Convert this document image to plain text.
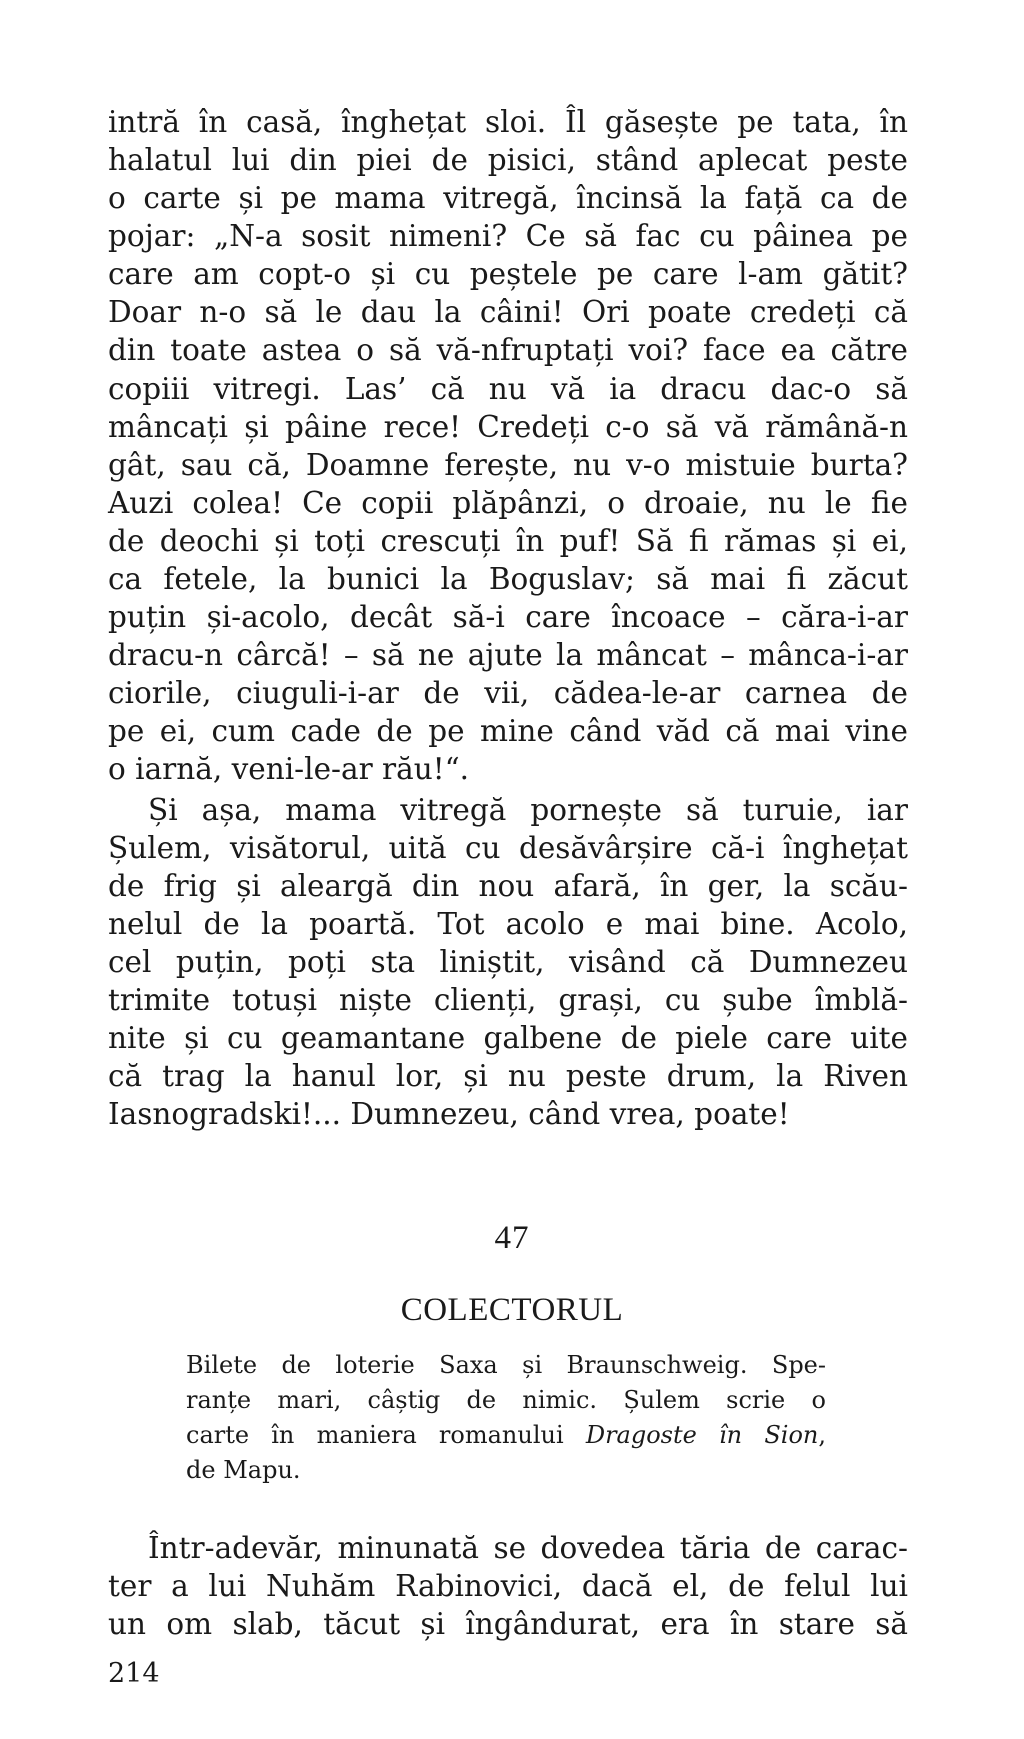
intră în casă, înghețat sloi. Îl găsește pe tata, în
halatul lui din piei de pisici, stând aplecat peste
o carte și pe mama vitregă, încinsă la față ca de
pojar: „N-a sosit nimeni? Ce să fac cu pâinea pe
care am copt-o și cu peștele pe care l-am gătit?
Doar n-o să le dau la câini! Ori poate credeți că
din toate astea o să vă-nfruptați voi? face ea către
copiii vitregi. Las’ că nu vă ia dracu dac-o să
mâncați și pâine rece! Credeți c-o să vă rămână-n
gât, sau că, Doamne ferește, nu v-o mistuie burta?
Auzi colea! Ce copii plăpânzi, o droaie, nu le fie
de deochi și toți crescuți în puf! Să fi rămas și ei,
ca fetele, la bunici la Boguslav; să mai fi zăcut
puțin și-acolo, decât să-i care încoace – căra-i-ar
dracu-n cârcă! – să ne ajute la mâncat – mânca-i-ar
ciorile, ciuguli-i-ar de vii, cădea-le-ar carnea de
pe ei, cum cade de pe mine când văd că mai vine
o iarnă, veni-le-ar rău!“.
Și așa, mama vitregă pornește să turuie, iar
Șulem, visătorul, uită cu desăvârșire că-i înghețat
de frig și aleargă din nou afară, în ger, la scău-
nelul de la poartă. Tot acolo e mai bine. Acolo,
cel puțin, poți sta liniștit, visând că Dumnezeu
trimite totuși niște clienți, grași, cu șube îmblă-
nite și cu geamantane galbene de piele care uite
că trag la hanul lor, și nu peste drum, la Riven
Iasnogradski!... Dumnezeu, când vrea, poate!
47
COLECTORUL
Bilete de loterie Saxa și Braunschweig. Spe-
ranțe mari, câștig de nimic. Șulem scrie o
carte în maniera romanului Dragoste în Sion,
de Mapu.
Într-adevăr, minunată se dovedea tăria de carac-
ter a lui Nuhăm Rabinovici, dacă el, de felul lui
un om slab, tăcut și îngândurat, era în stare să
214
